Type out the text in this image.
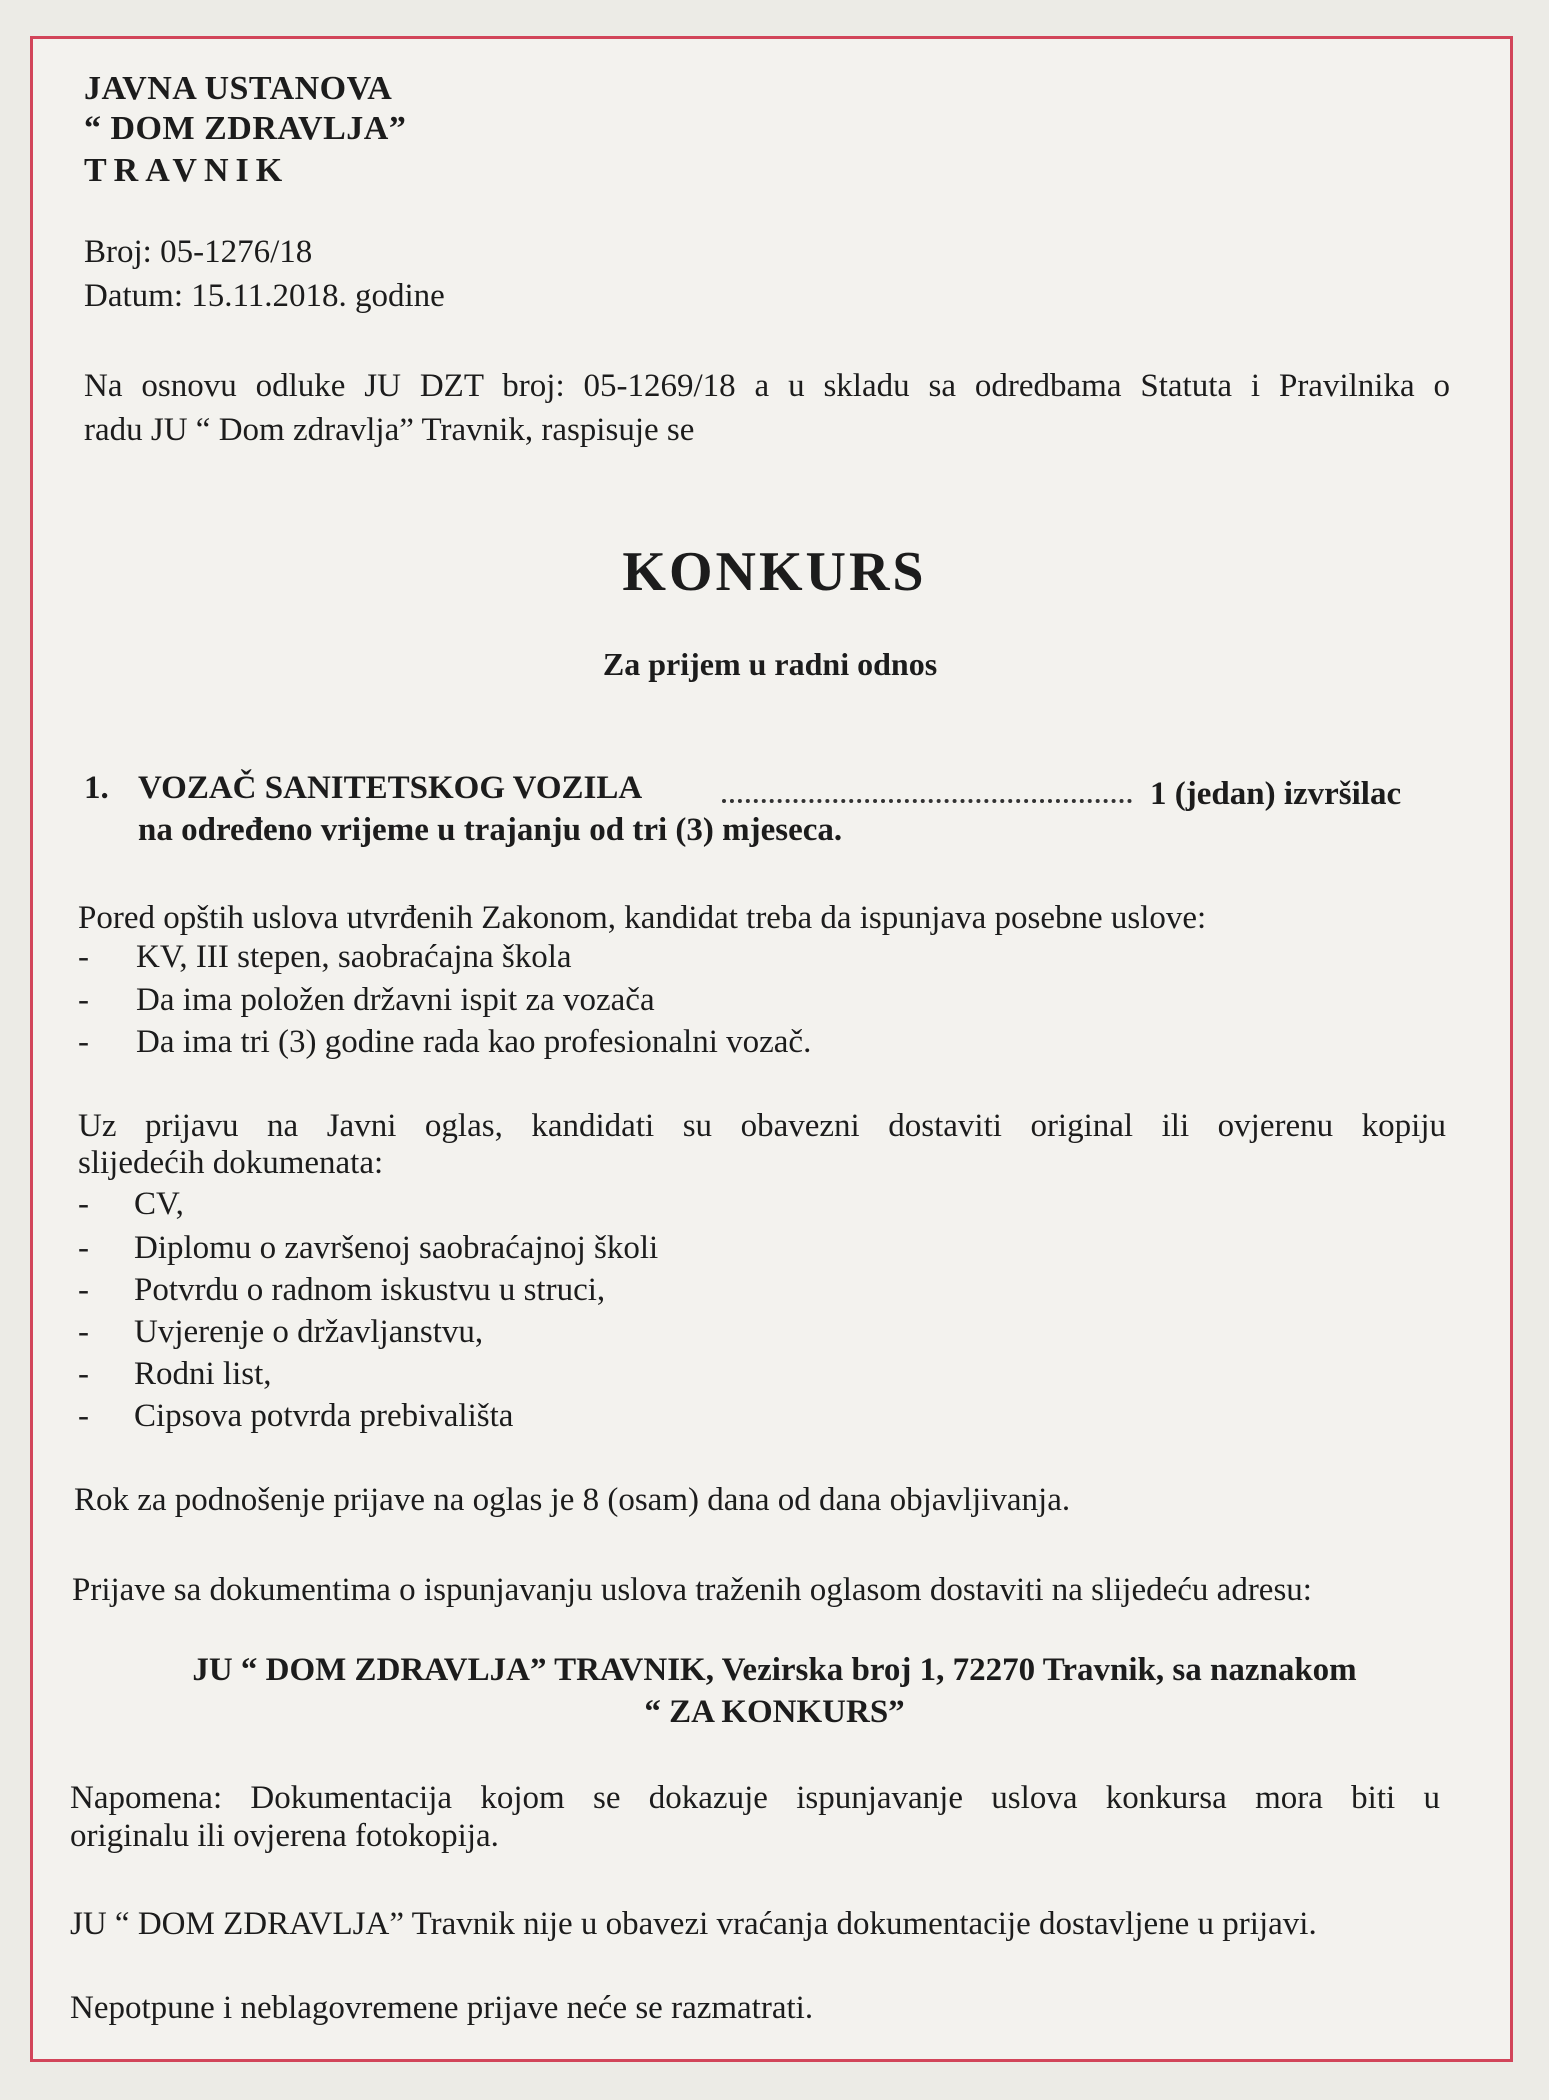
JAVNA USTANOVA
“ DOM ZDRAVLJA”
TRAVNIK
Broj: 05-1276/18
Datum: 15.11.2018. godine
Na osnovu odluke JU DZT broj: 05-1269/18 a u skladu sa odredbama Statuta i Pravilnika o
radu JU “ Dom zdravlja” Travnik, raspisuje se
KONKURS
Za prijem u radni odnos
1. VOZAČ SANITETSKOG VOZILA	1 (jedan) izvršilac
na određeno vrijeme u trajanju od tri (3) mjeseca.
Pored opštih uslova utvrđenih Zakonom, kandidat treba da ispunjava posebne uslove:
- KV, III stepen, saobraćajna škola
- Da ima položen državni ispit za vozača
- Da ima tri (3) godine rada kao profesionalni vozač.
Uz prijavu na Javni oglas, kandidati su obavezni dostaviti original ili ovjerenu kopiju
slijedećih dokumenata:
- CV,
- Diplomu o završenoj saobraćajnoj školi
- Potvrdu o radnom iskustvu u struci,
- Uvjerenje o državljanstvu,
- Rodni list,
- Cipsova potvrda prebivališta
Rok za podnošenje prijave na oglas je 8 (osam) dana od dana objavljivanja.
Prijave sa dokumentima o ispunjavanju uslova traženih oglasom dostaviti na slijedeću adresu:
JU “ DOM ZDRAVLJA” TRAVNIK, Vezirska broj 1, 72270 Travnik, sa naznakom
“ ZA KONKURS”
Napomena: Dokumentacija kojom se dokazuje ispunjavanje uslova konkursa mora biti u
originalu ili ovjerena fotokopija.
JU “ DOM ZDRAVLJA” Travnik nije u obavezi vraćanja dokumentacije dostavljene u prijavi.
Nepotpune i neblagovremene prijave neće se razmatrati.
